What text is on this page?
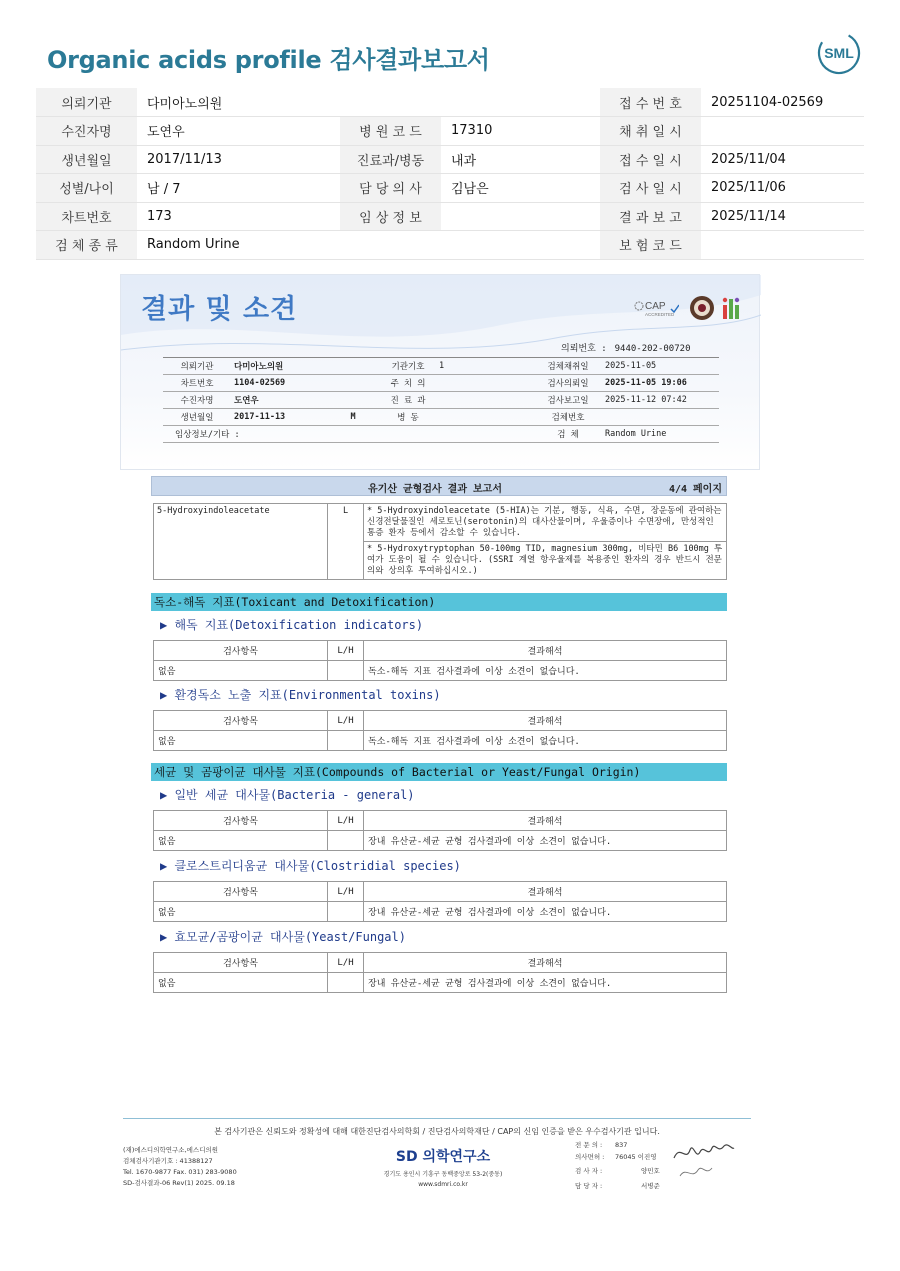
Organic acids profile 검사결과보고서	SML
의뢰기관	다미아노의원			접 수 번 호	20251104-02569
수진자명	도연우	병 원 코 드	17310	채 취 일 시	
생년월일	2017/11/13	진료과/병동	내과	접 수 일 시	2025/11/04
성별/나이	남 / 7	담 당 의 사	김남은	검 사 일 시	2025/11/06
차트번호	173	임 상 정 보		결 과 보 고	2025/11/14
검 체 종 류	Random Urine			보 험 코 드	
결과 및 소견	CAP
ACCREDITED
의뢰번호 : 9440-202-00720
의뢰기관	다미아노의원		기관기호	1	검체채취일	2025-11-05
차트번호	1104-02569		주 치 의		검사의뢰일	2025-11-05 19:06
수진자명	도연우		진 료 과		검사보고일	2025-11-12 07:42
생년월일	2017-11-13	M	병 동		검체번호	
임상정보/기타 :					검 체	Random Urine
유기산 균형검사 결과 보고서	4/4 페이지
5-Hydroxyindoleacetate	L	* 5-Hydroxyindoleacetate (5-HIA)는 기분, 행동, 식욕, 수면, 장운동에 관여하는 신경전달물질인 세로토닌(serotonin)의 대사산물이며, 우울증이나 수면장애, 만성적인 통증 환자 등에서 감소할 수 있습니다.
* 5-Hydroxytryptophan 50-100mg TID, magnesium 300mg, 비타민 B6 100mg 투여가 도움이 될 수 있습니다. (SSRI 계열 항우울제를 복용중인 환자의 경우 반드시 전문의와 상의후 투여하십시오.)
독소-해독 지표(Toxicant and Detoxification)
▶ 해독 지표(Detoxification indicators)
검사항목	L/H	결과해석
없음		독소-해독 지표 검사결과에 이상 소견이 없습니다.
▶ 환경독소 노출 지표(Environmental toxins)
검사항목	L/H	결과해석
없음		독소-해독 지표 검사결과에 이상 소견이 없습니다.
세균 및 곰팡이균 대사물 지표(Compounds of Bacterial or Yeast/Fungal Origin)
▶ 일반 세균 대사물(Bacteria - general)
검사항목	L/H	결과해석
없음		장내 유산균-세균 균형 검사결과에 이상 소견이 없습니다.
▶ 클로스트리디움균 대사물(Clostridial species)
검사항목	L/H	결과해석
없음		장내 유산균-세균 균형 검사결과에 이상 소견이 없습니다.
▶ 효모균/곰팡이균 대사물(Yeast/Fungal)
검사항목	L/H	결과해석
없음		장내 유산균-세균 균형 검사결과에 이상 소견이 없습니다.
본 검사기관은 신뢰도와 정확성에 대해 대한진단검사의학회 / 진단검사의학재단 / CAP의 신임 인증을 받은 우수검사기관 입니다.
(재)에스디의학연구소,에스디의원
검체검사기관기호 : 41388127
Tel. 1670-9877 Fax. 031) 283-9080
SD-검사결과-06 Rev(1) 2025. 09.18
SD 의학연구소
경기도 용인시 기흥구 동백중앙로 53-2(중동)
www.sdmri.co.kr
전 문 의 : 837
의사면허 : 76045 이진영
검 사 자 :	양민호
담 당 자 :	서병준
